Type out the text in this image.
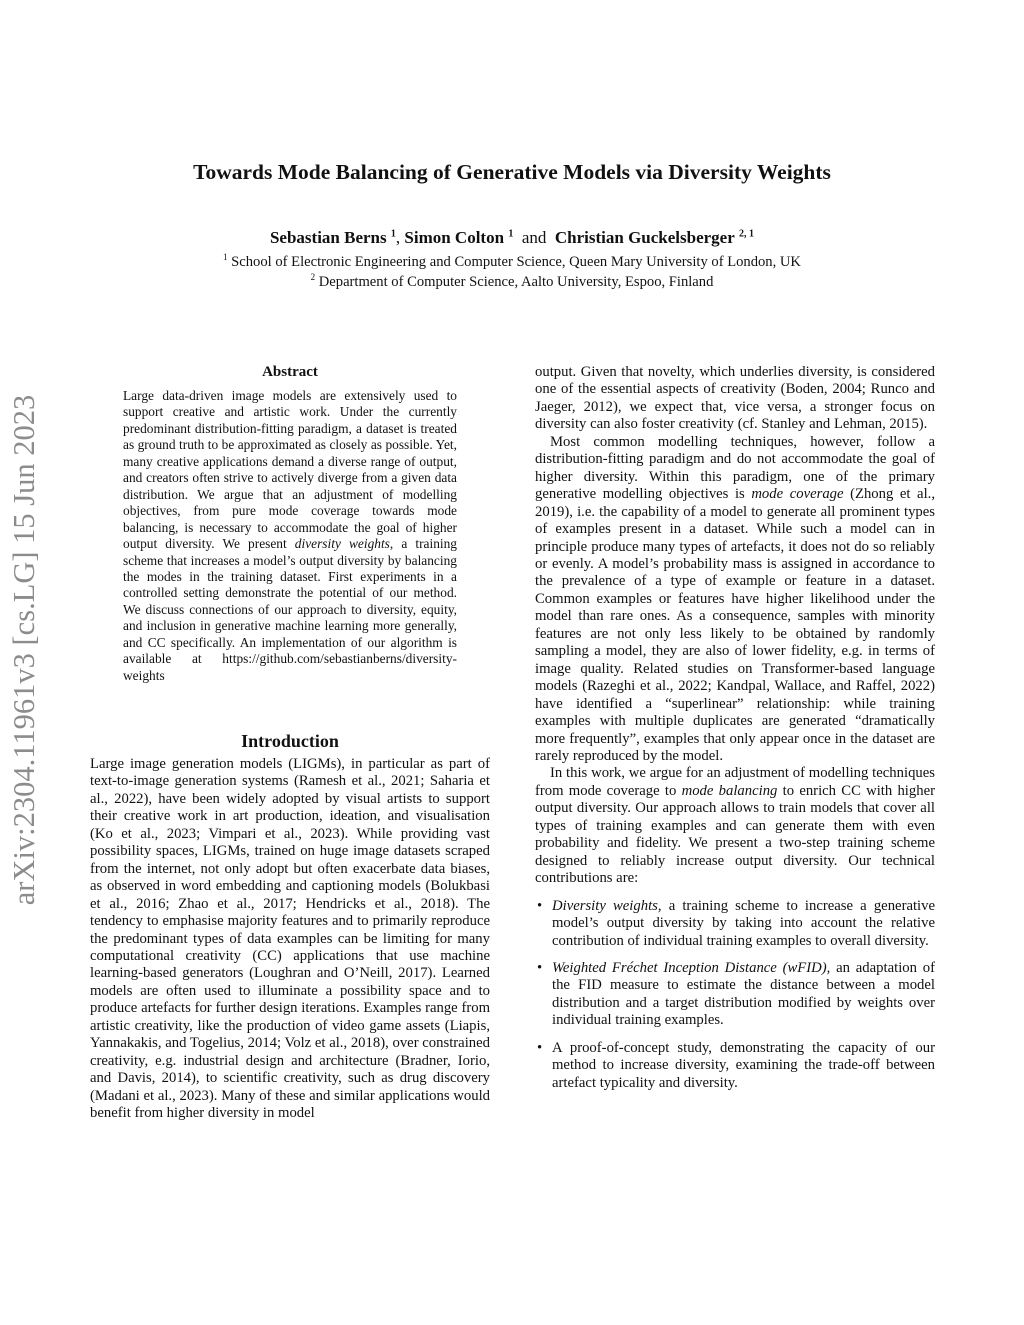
Towards Mode Balancing of Generative Models via Diversity Weights
Sebastian Berns $^1$, Simon Colton $^1$ and Christian Guckelsberger $^{2, 1}$
$^1$ School of Electronic Engineering and Computer Science, Queen Mary University of London, UK
$^2$ Department of Computer Science, Aalto University, Espoo, Finland
arXiv:2304.11961v3 [cs.LG] 15 Jun 2023
Abstract

Large data-driven image models are extensively used to support creative and artistic work. Under the currently predominant distribution-fitting paradigm, a dataset is treated as ground truth to be approximated as closely as possible. Yet, many creative applications demand a diverse range of output, and creators often strive to actively diverge from a given data distribution. We argue that an adjustment of modelling objectives, from pure mode coverage towards mode balancing, is necessary to accommodate the goal of higher output diversity. We present diversity weights, a training scheme that increases a model’s output diversity by balancing the modes in the training dataset. First experiments in a controlled setting demonstrate the potential of our method. We discuss connections of our approach to diversity, equity, and inclusion in generative machine learning more generally, and CC specifically. An implementation of our algorithm is available at https://github.com/sebastianberns/diversity-weights

Introduction

Large image generation models (LIGMs), in particular as part of text-to-image generation systems (Ramesh et al., 2021; Saharia et al., 2022), have been widely adopted by visual artists to support their creative work in art production, ideation, and visualisation (Ko et al., 2023; Vimpari et al., 2023). While providing vast possibility spaces, LIGMs, trained on huge image datasets scraped from the internet, not only adopt but often exacerbate data biases, as observed in word embedding and captioning models (Bolukbasi et al., 2016; Zhao et al., 2017; Hendricks et al., 2018). The tendency to emphasise majority features and to primarily reproduce the predominant types of data examples can be limiting for many computational creativity (CC) applications that use machine learning-based generators (Loughran and O’Neill, 2017). Learned models are often used to illuminate a possibility space and to produce artefacts for further design iterations. Examples range from artistic creativity, like the production of video game assets (Liapis, Yannakakis, and Togelius, 2014; Volz et al., 2018), over constrained creativity, e.g. industrial design and architecture (Bradner, Iorio, and Davis, 2014), to scientific creativity, such as drug discovery (Madani et al., 2023). Many of these and similar applications would benefit from higher diversity in model

output. Given that novelty, which underlies diversity, is considered one of the essential aspects of creativity (Boden, 2004; Runco and Jaeger, 2012), we expect that, vice versa, a stronger focus on diversity can also foster creativity (cf. Stanley and Lehman, 2015).

Most common modelling techniques, however, follow a distribution-fitting paradigm and do not accommodate the goal of higher diversity. Within this paradigm, one of the primary generative modelling objectives is mode coverage (Zhong et al., 2019), i.e. the capability of a model to generate all prominent types of examples present in a dataset. While such a model can in principle produce many types of artefacts, it does not do so reliably or evenly. A model’s probability mass is assigned in accordance to the prevalence of a type of example or feature in a dataset. Common examples or features have higher likelihood under the model than rare ones. As a consequence, samples with minority features are not only less likely to be obtained by randomly sampling a model, they are also of lower fidelity, e.g. in terms of image quality. Related studies on Transformer-based language models (Razeghi et al., 2022; Kandpal, Wallace, and Raffel, 2022) have identified a “superlinear” relationship: while training examples with multiple duplicates are generated “dramatically more frequently”, examples that only appear once in the dataset are rarely reproduced by the model.

In this work, we argue for an adjustment of modelling techniques from mode coverage to mode balancing to enrich CC with higher output diversity. Our approach allows to train models that cover all types of training examples and can generate them with even probability and fidelity. We present a two-step training scheme designed to reliably increase output diversity. Our technical contributions are:

• Diversity weights, a training scheme to increase a generative model’s output diversity by taking into account the relative contribution of individual training examples to overall diversity.
• Weighted Fréchet Inception Distance (wFID), an adaptation of the FID measure to estimate the distance between a model distribution and a target distribution modified by weights over individual training examples.
• A proof-of-concept study, demonstrating the capacity of our method to increase diversity, examining the trade-off between artefact typicality and diversity.
